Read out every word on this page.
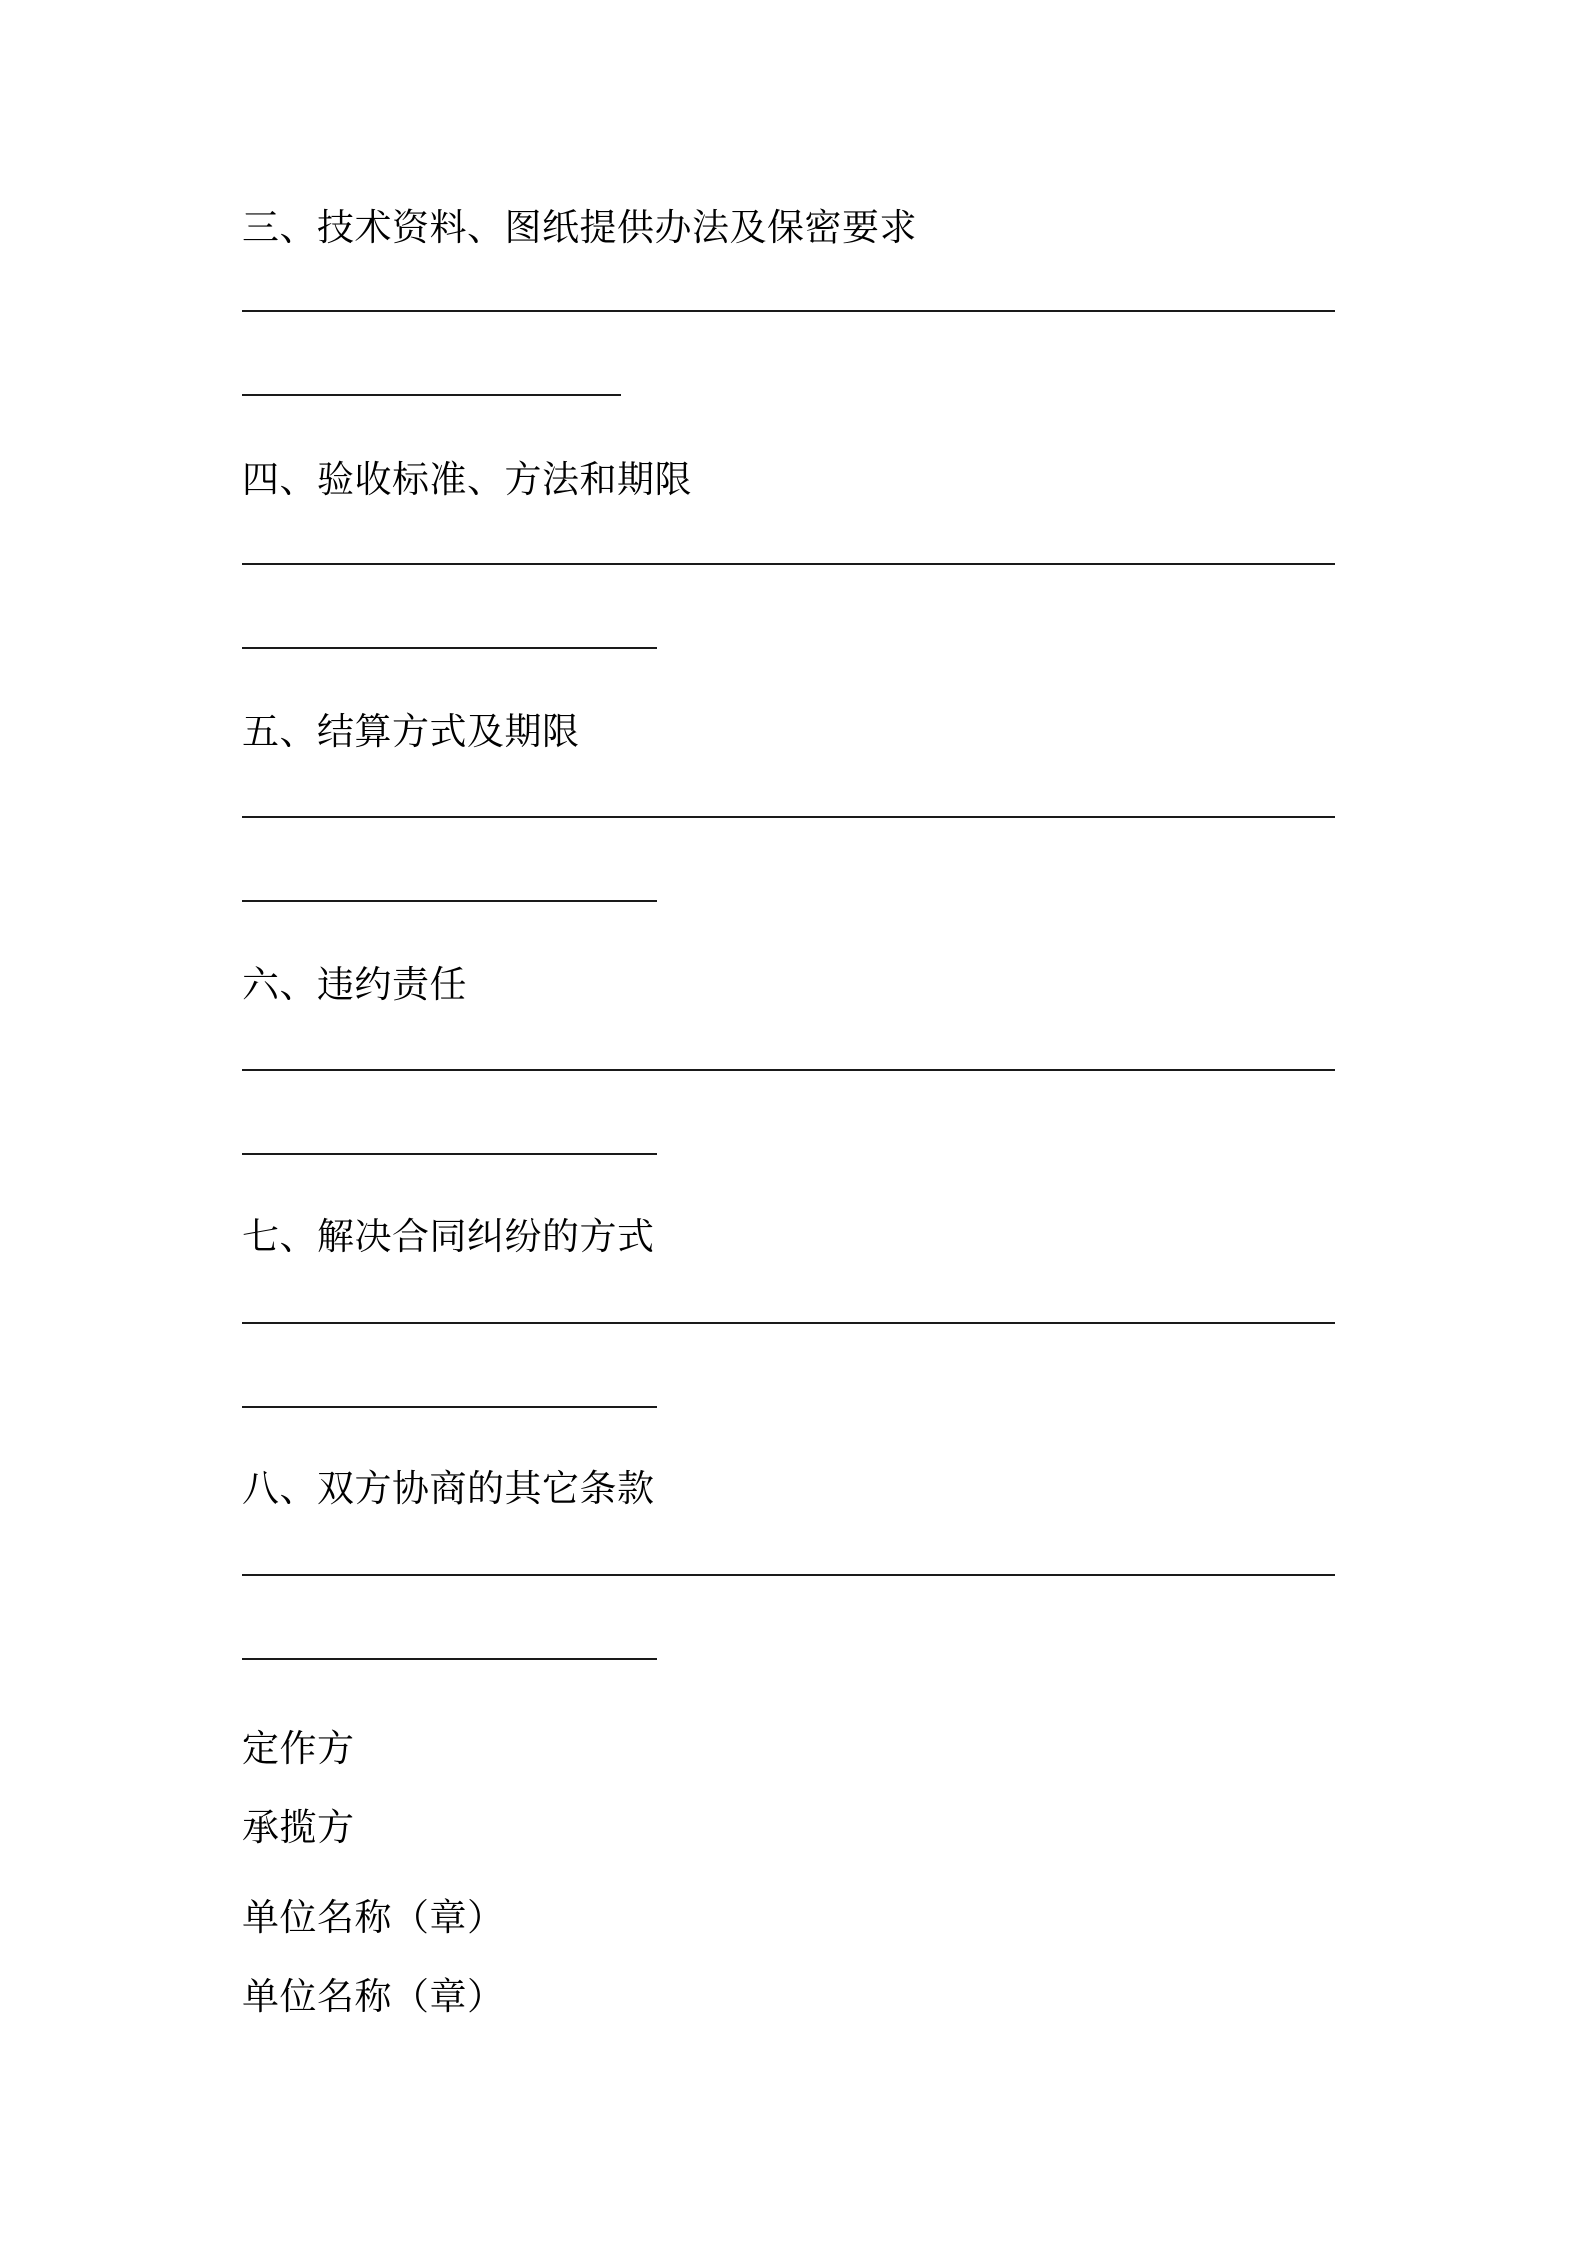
三、技术资料、图纸提供办法及保密要求
四、验收标准、方法和期限
五、结算方式及期限
六、违约责任
七、解决合同纠纷的方式
八、双方协商的其它条款
定作方
承揽方
单位名称（章）
单位名称（章）
